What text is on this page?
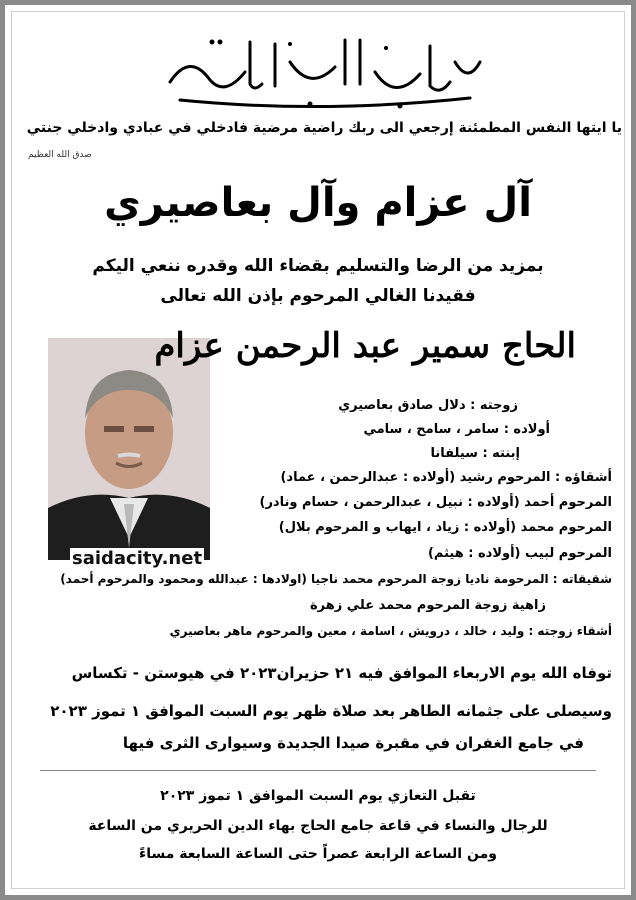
يا ايتها النفس المطمئنة إرجعي الى ربك راضية مرضية فادخلي في عبادي وادخلي جنتي
صدق الله العظيم
آل عزام وآل بعاصيري
بمزيد من الرضا والتسليم بقضاء الله وقدره ننعي اليكم
فقيدنا الغالي المرحوم بإذن الله تعالى
saidacity.net
الحاج سمير عبد الرحمن عزام
زوجته : دلال صادق بعاصيري
أولاده : سامر ، سامح ، سامي
إبنته : سيلفانا
أشقاؤه : المرحوم رشيد (أولاده : عبدالرحمن ، عماد)
المرحوم أحمد (أولاده : نبيل ، عبدالرحمن ، حسام ونادر)
المرحوم محمد (أولاده : زياد ، ايهاب و المرحوم بلال)
المرحوم لبيب (أولاده : هيثم)
شقيقاته : المرحومة ناديا زوجة المرحوم محمد ناجيا (اولادها : عبدالله ومحمود والمرحوم أحمد)
زاهية زوجة المرحوم محمد علي زهرة
أشقاء زوجته : وليد ، خالد ، درويش ، اسامة ، معين والمرحوم ماهر بعاصيري
توفاه الله يوم الاربعاء الموافق فيه ٢١ حزيران٢٠٢٣ في هيوستن - تكساس
وسيصلى على جثمانه الطاهر بعد صلاة ظهر يوم السبت الموافق ١ تموز ٢٠٢٣
في جامع الغفران في مقبرة صيدا الجديدة وسيوارى الثرى فيها
تقبل التعازي يوم السبت الموافق ١ تموز ٢٠٢٣
للرجال والنساء في قاعة جامع الحاج بهاء الدين الحريري من الساعة
ومن الساعة الرابعة عصراً حتى الساعة السابعة مساءً
